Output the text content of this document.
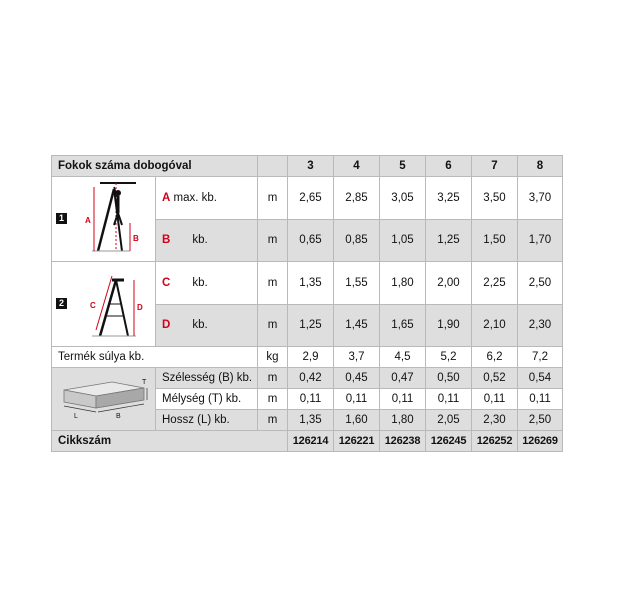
Fokok száma dobogóval			3	4	5	6	7	8

1 A
B	A max. kb.	m	2,65	2,85	3,05	3,25	3,50	3,70
	B kb.	m	0,65	0,85	1,05	1,25	1,50	1,70

2 C D	C kb.	m	1,35	1,55	1,80	2,00	2,25	2,50
	D kb.	m	1,25	1,45	1,65	1,90	2,10	2,30
Termék súlya kb.		kg	2,9	3,7	4,5	5,2	6,2	7,2

L B
T	Szélesség (B) kb.	m	0,42	0,45	0,47	0,50	0,52	0,54
	Mélység (T) kb.	m	0,11	0,11	0,11	0,11	0,11	0,11
	Hossz (L) kb.	m	1,35	1,60	1,80	2,05	2,30	2,50
Cikkszám			126214	126221	126238	126245	126252	126269
